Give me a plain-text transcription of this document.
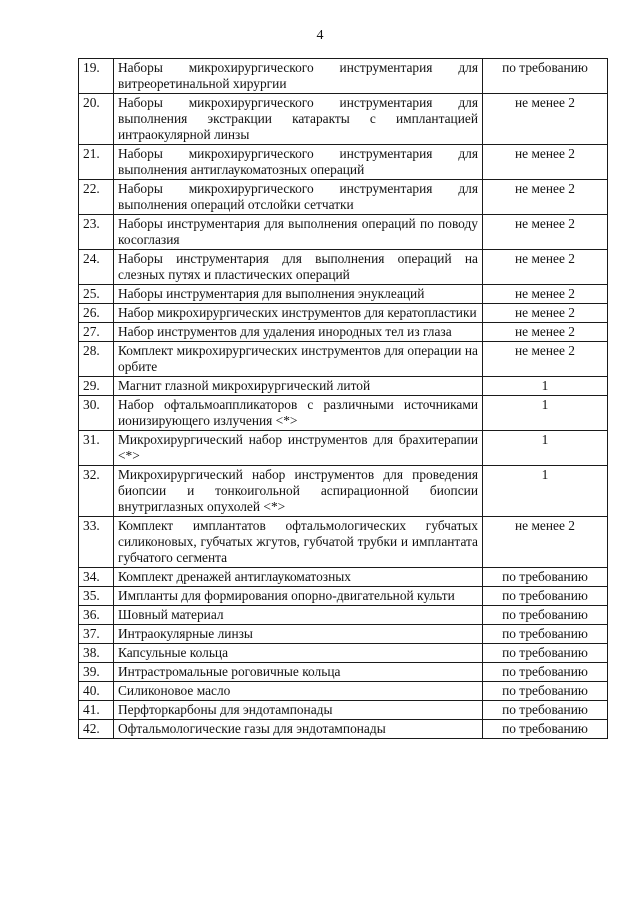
4
19.	Наборы микрохирургического инструментария для витреоретинальной хирургии	по требованию
20.	Наборы микрохирургического инструментария для выполнения экстракции катаракты с имплантацией интраокулярной линзы	не менее 2
21.	Наборы микрохирургического инструментария для выполнения антиглаукоматозных операций	не менее 2
22.	Наборы микрохирургического инструментария для выполнения операций отслойки сетчатки	не менее 2
23.	Наборы инструментария для выполнения операций по поводу косоглазия	не менее 2
24.	Наборы инструментария для выполнения операций на слезных путях и пластических операций	не менее 2
25.	Наборы инструментария для выполнения энуклеаций	не менее 2
26.	Набор микрохирургических инструментов для кератопластики	не менее 2
27.	Набор инструментов для удаления инородных тел из глаза	не менее 2
28.	Комплект микрохирургических инструментов для операции на орбите	не менее 2
29.	Магнит глазной микрохирургический литой	1
30.	Набор офтальмоаппликаторов с различными источниками ионизирующего излучения <*>	1
31.	Микрохирургический набор инструментов для брахитерапии <*>	1
32.	Микрохирургический набор инструментов для проведения биопсии и тонкоигольной аспирационной биопсии внутриглазных опухолей <*>	1
33.	Комплект имплантатов офтальмологических губчатых силиконовых, губчатых жгутов, губчатой трубки и имплантата губчатого сегмента	не менее 2
34.	Комплект дренажей антиглаукоматозных	по требованию
35.	Импланты для формирования опорно-двигательной культи	по требованию
36.	Шовный материал	по требованию
37.	Интраокулярные линзы	по требованию
38.	Капсульные кольца	по требованию
39.	Интрастромальные роговичные кольца	по требованию
40.	Силиконовое масло	по требованию
41.	Перфторкарбоны для эндотампонады	по требованию
42.	Офтальмологические газы для эндотампонады	по требованию
